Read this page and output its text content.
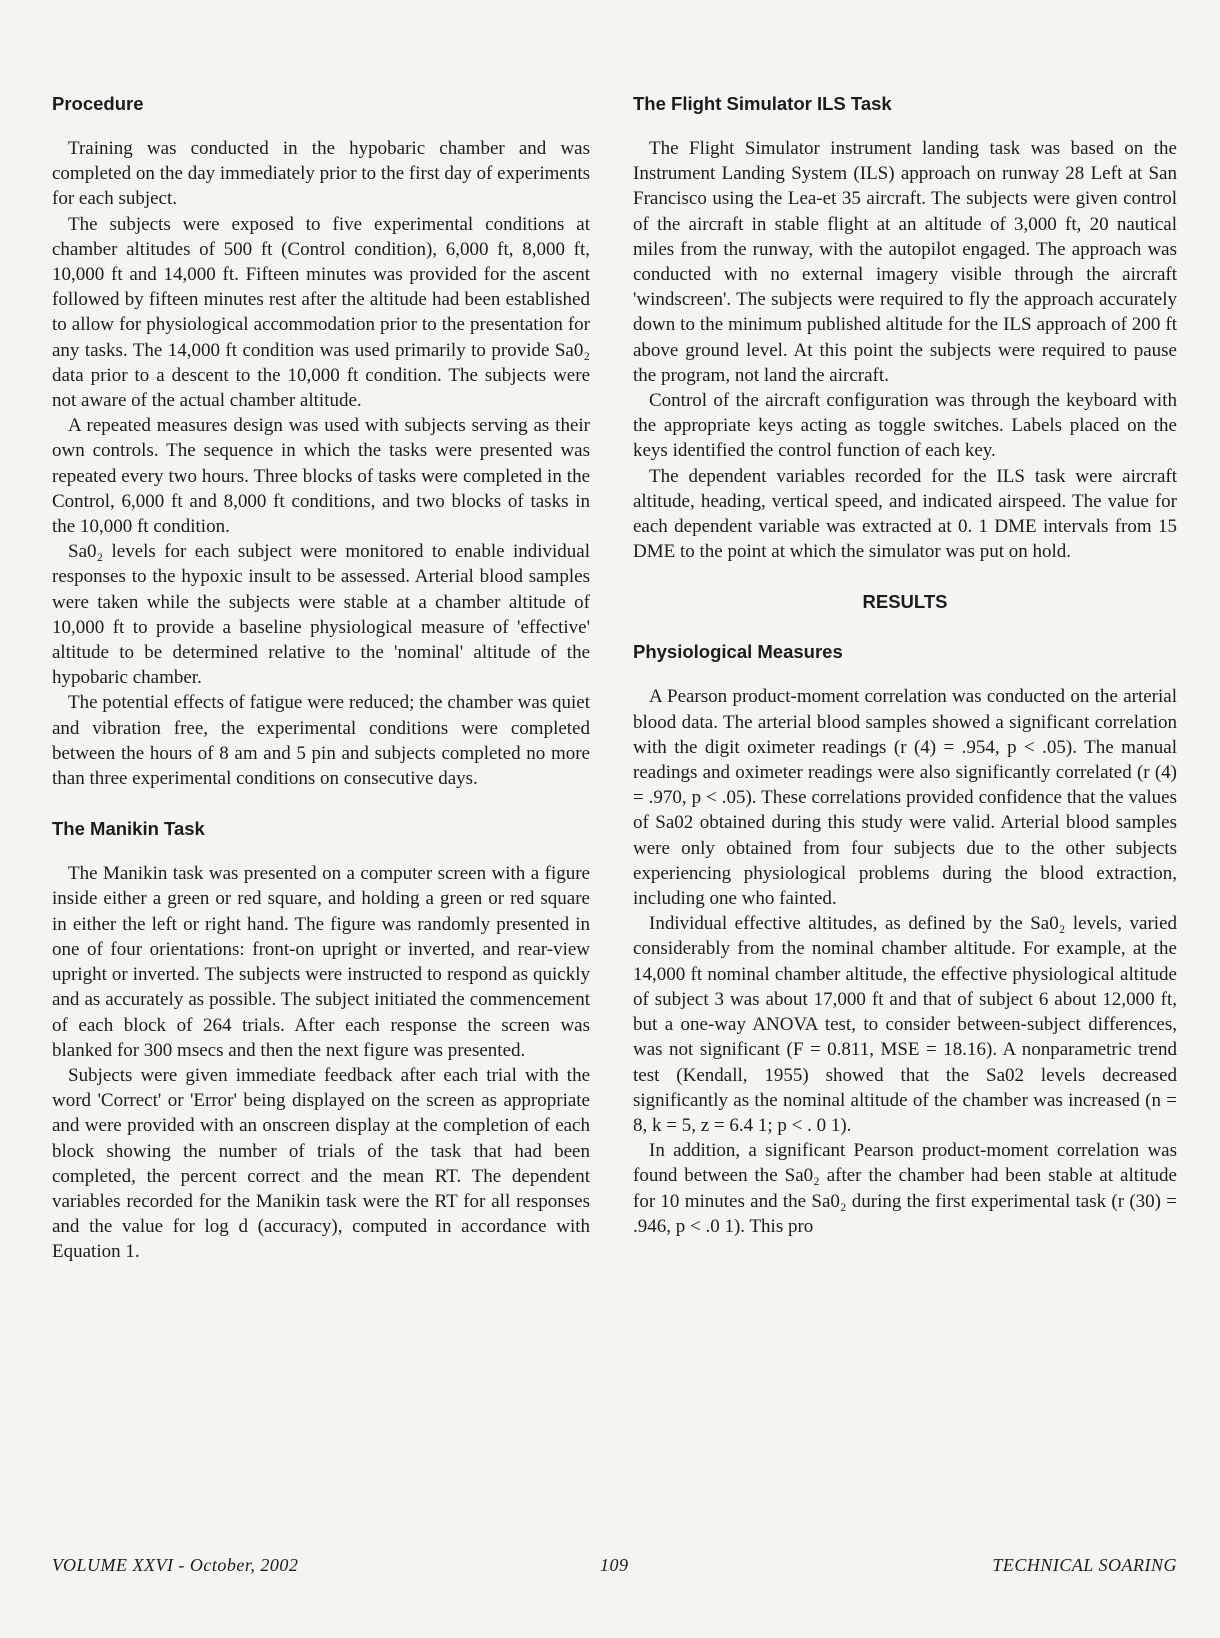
Procedure

Training was conducted in the hypobaric chamber and was completed on the day immediately prior to the first day of experiments for each subject.

The subjects were exposed to five experimental conditions at chamber altitudes of 500 ft (Control condition), 6,000 ft, 8,000 ft, 10,000 ft and 14,000 ft. Fifteen minutes was provided for the ascent followed by fifteen minutes rest after the altitude had been established to allow for physiological accommodation prior to the presentation for any tasks. The 14,000 ft condition was used primarily to provide Sa0₂ data prior to a descent to the 10,000 ft condition. The subjects were not aware of the actual chamber altitude.

A repeated measures design was used with subjects serving as their own controls. The sequence in which the tasks were presented was repeated every two hours. Three blocks of tasks were completed in the Control, 6,000 ft and 8,000 ft conditions, and two blocks of tasks in the 10,000 ft condition.

Sa0₂ levels for each subject were monitored to enable individual responses to the hypoxic insult to be assessed. Arterial blood samples were taken while the subjects were stable at a chamber altitude of 10,000 ft to provide a baseline physiological measure of 'effective' altitude to be determined relative to the 'nominal' altitude of the hypobaric chamber.

The potential effects of fatigue were reduced; the chamber was quiet and vibration free, the experimental conditions were completed between the hours of 8 am and 5 pin and subjects completed no more than three experimental conditions on consecutive days.

The Manikin Task

The Manikin task was presented on a computer screen with a figure inside either a green or red square, and holding a green or red square in either the left or right hand. The figure was randomly presented in one of four orientations: front-on upright or inverted, and rear-view upright or inverted. The subjects were instructed to respond as quickly and as accurately as possible. The subject initiated the commencement of each block of 264 trials. After each response the screen was blanked for 300 msecs and then the next figure was presented.

Subjects were given immediate feedback after each trial with the word 'Correct' or 'Error' being displayed on the screen as appropriate and were provided with an onscreen display at the completion of each block showing the number of trials of the task that had been completed, the percent correct and the mean RT. The dependent variables recorded for the Manikin task were the RT for all responses and the value for log d (accuracy), computed in accordance with Equation 1.

The Flight Simulator ILS Task

The Flight Simulator instrument landing task was based on the Instrument Landing System (ILS) approach on runway 28 Left at San Francisco using the Lea-et 35 aircraft. The subjects were given control of the aircraft in stable flight at an altitude of 3,000 ft, 20 nautical miles from the runway, with the autopilot engaged. The approach was conducted with no external imagery visible through the aircraft 'windscreen'. The subjects were required to fly the approach accurately down to the minimum published altitude for the ILS approach of 200 ft above ground level. At this point the subjects were required to pause the program, not land the aircraft.

Control of the aircraft configuration was through the keyboard with the appropriate keys acting as toggle switches. Labels placed on the keys identified the control function of each key.

The dependent variables recorded for the ILS task were aircraft altitude, heading, vertical speed, and indicated airspeed. The value for each dependent variable was extracted at 0. 1 DME intervals from 15 DME to the point at which the simulator was put on hold.

RESULTS
Physiological Measures

A Pearson product-moment correlation was conducted on the arterial blood data. The arterial blood samples showed a significant correlation with the digit oximeter readings (r (4) = .954, p < .05). The manual readings and oximeter readings were also significantly correlated (r (4) = .970, p < .05). These correlations provided confidence that the values of Sa02 obtained during this study were valid. Arterial blood samples were only obtained from four subjects due to the other subjects experiencing physiological problems during the blood extraction, including one who fainted.

Individual effective altitudes, as defined by the Sa0₂ levels, varied considerably from the nominal chamber altitude. For example, at the 14,000 ft nominal chamber altitude, the effective physiological altitude of subject 3 was about 17,000 ft and that of subject 6 about 12,000 ft, but a one-way ANOVA test, to consider between-subject differences, was not significant (F = 0.811, MSE = 18.16). A nonparametric trend test (Kendall, 1955) showed that the Sa02 levels decreased significantly as the nominal altitude of the chamber was increased (n = 8, k = 5, z = 6.4 1; p < . 0 1).

In addition, a significant Pearson product-moment correlation was found between the Sa0₂ after the chamber had been stable at altitude for 10 minutes and the Sa0₂ during the first experimental task (r (30) = .946, p < .0 1). This pro

VOLUME XXVI - October, 2002	109	TECHNICAL SOARING
